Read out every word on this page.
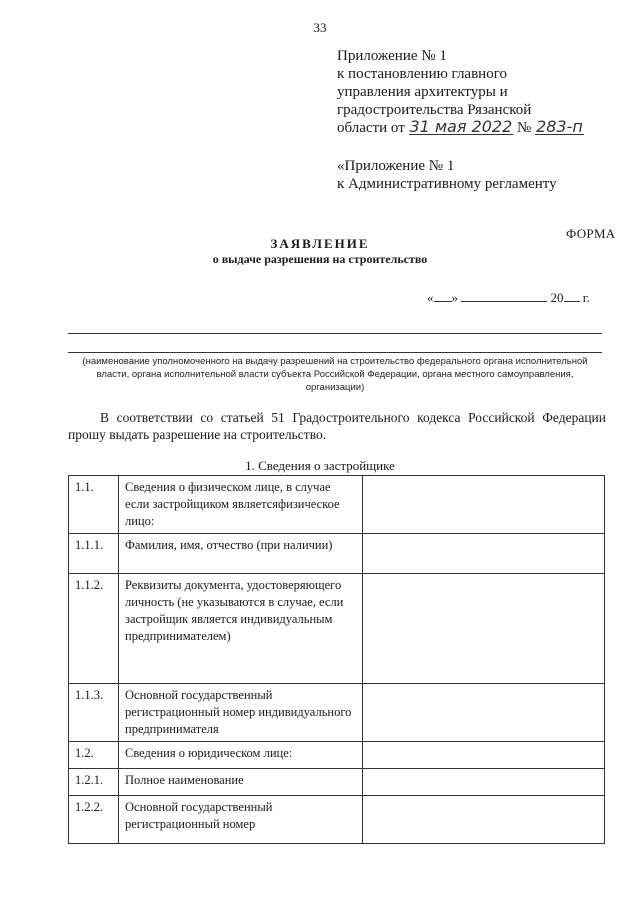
33
Приложение № 1
к постановлению главного
управления архитектуры и
градостроительства Рязанской
области от 31 мая 2022 № 283-п
«Приложение № 1
к Административному регламенту
ФОРМА
ЗАЯВЛЕНИЕ
о выдаче разрешения на строительство
« »	20 г.
(наименование уполномоченного на выдачу разрешений на строительство федерального органа исполнительной власти, органа исполнительной власти субъекта Российской Федерации, органа местного самоуправления, организации)
В соответствии со статьей 51 Градостроительного кодекса Российской Федерации прошу выдать разрешение на строительство.
1. Сведения о застройщике
1.1.	Сведения о физическом лице, в случае если застройщиком являетсяфизическое лицо:	
1.1.1.	Фамилия, имя, отчество (при наличии)	
1.1.2.	Реквизиты документа, удостоверяющего личность (не указываются в случае, если застройщик является индивидуальным предпринимателем)	
1.1.3.	Основной государственный регистрационный номер индивидуального предпринимателя	
1.2.	Сведения о юридическом лице:	
1.2.1.	Полное наименование	
1.2.2.	Основной государственный регистрационный номер	
